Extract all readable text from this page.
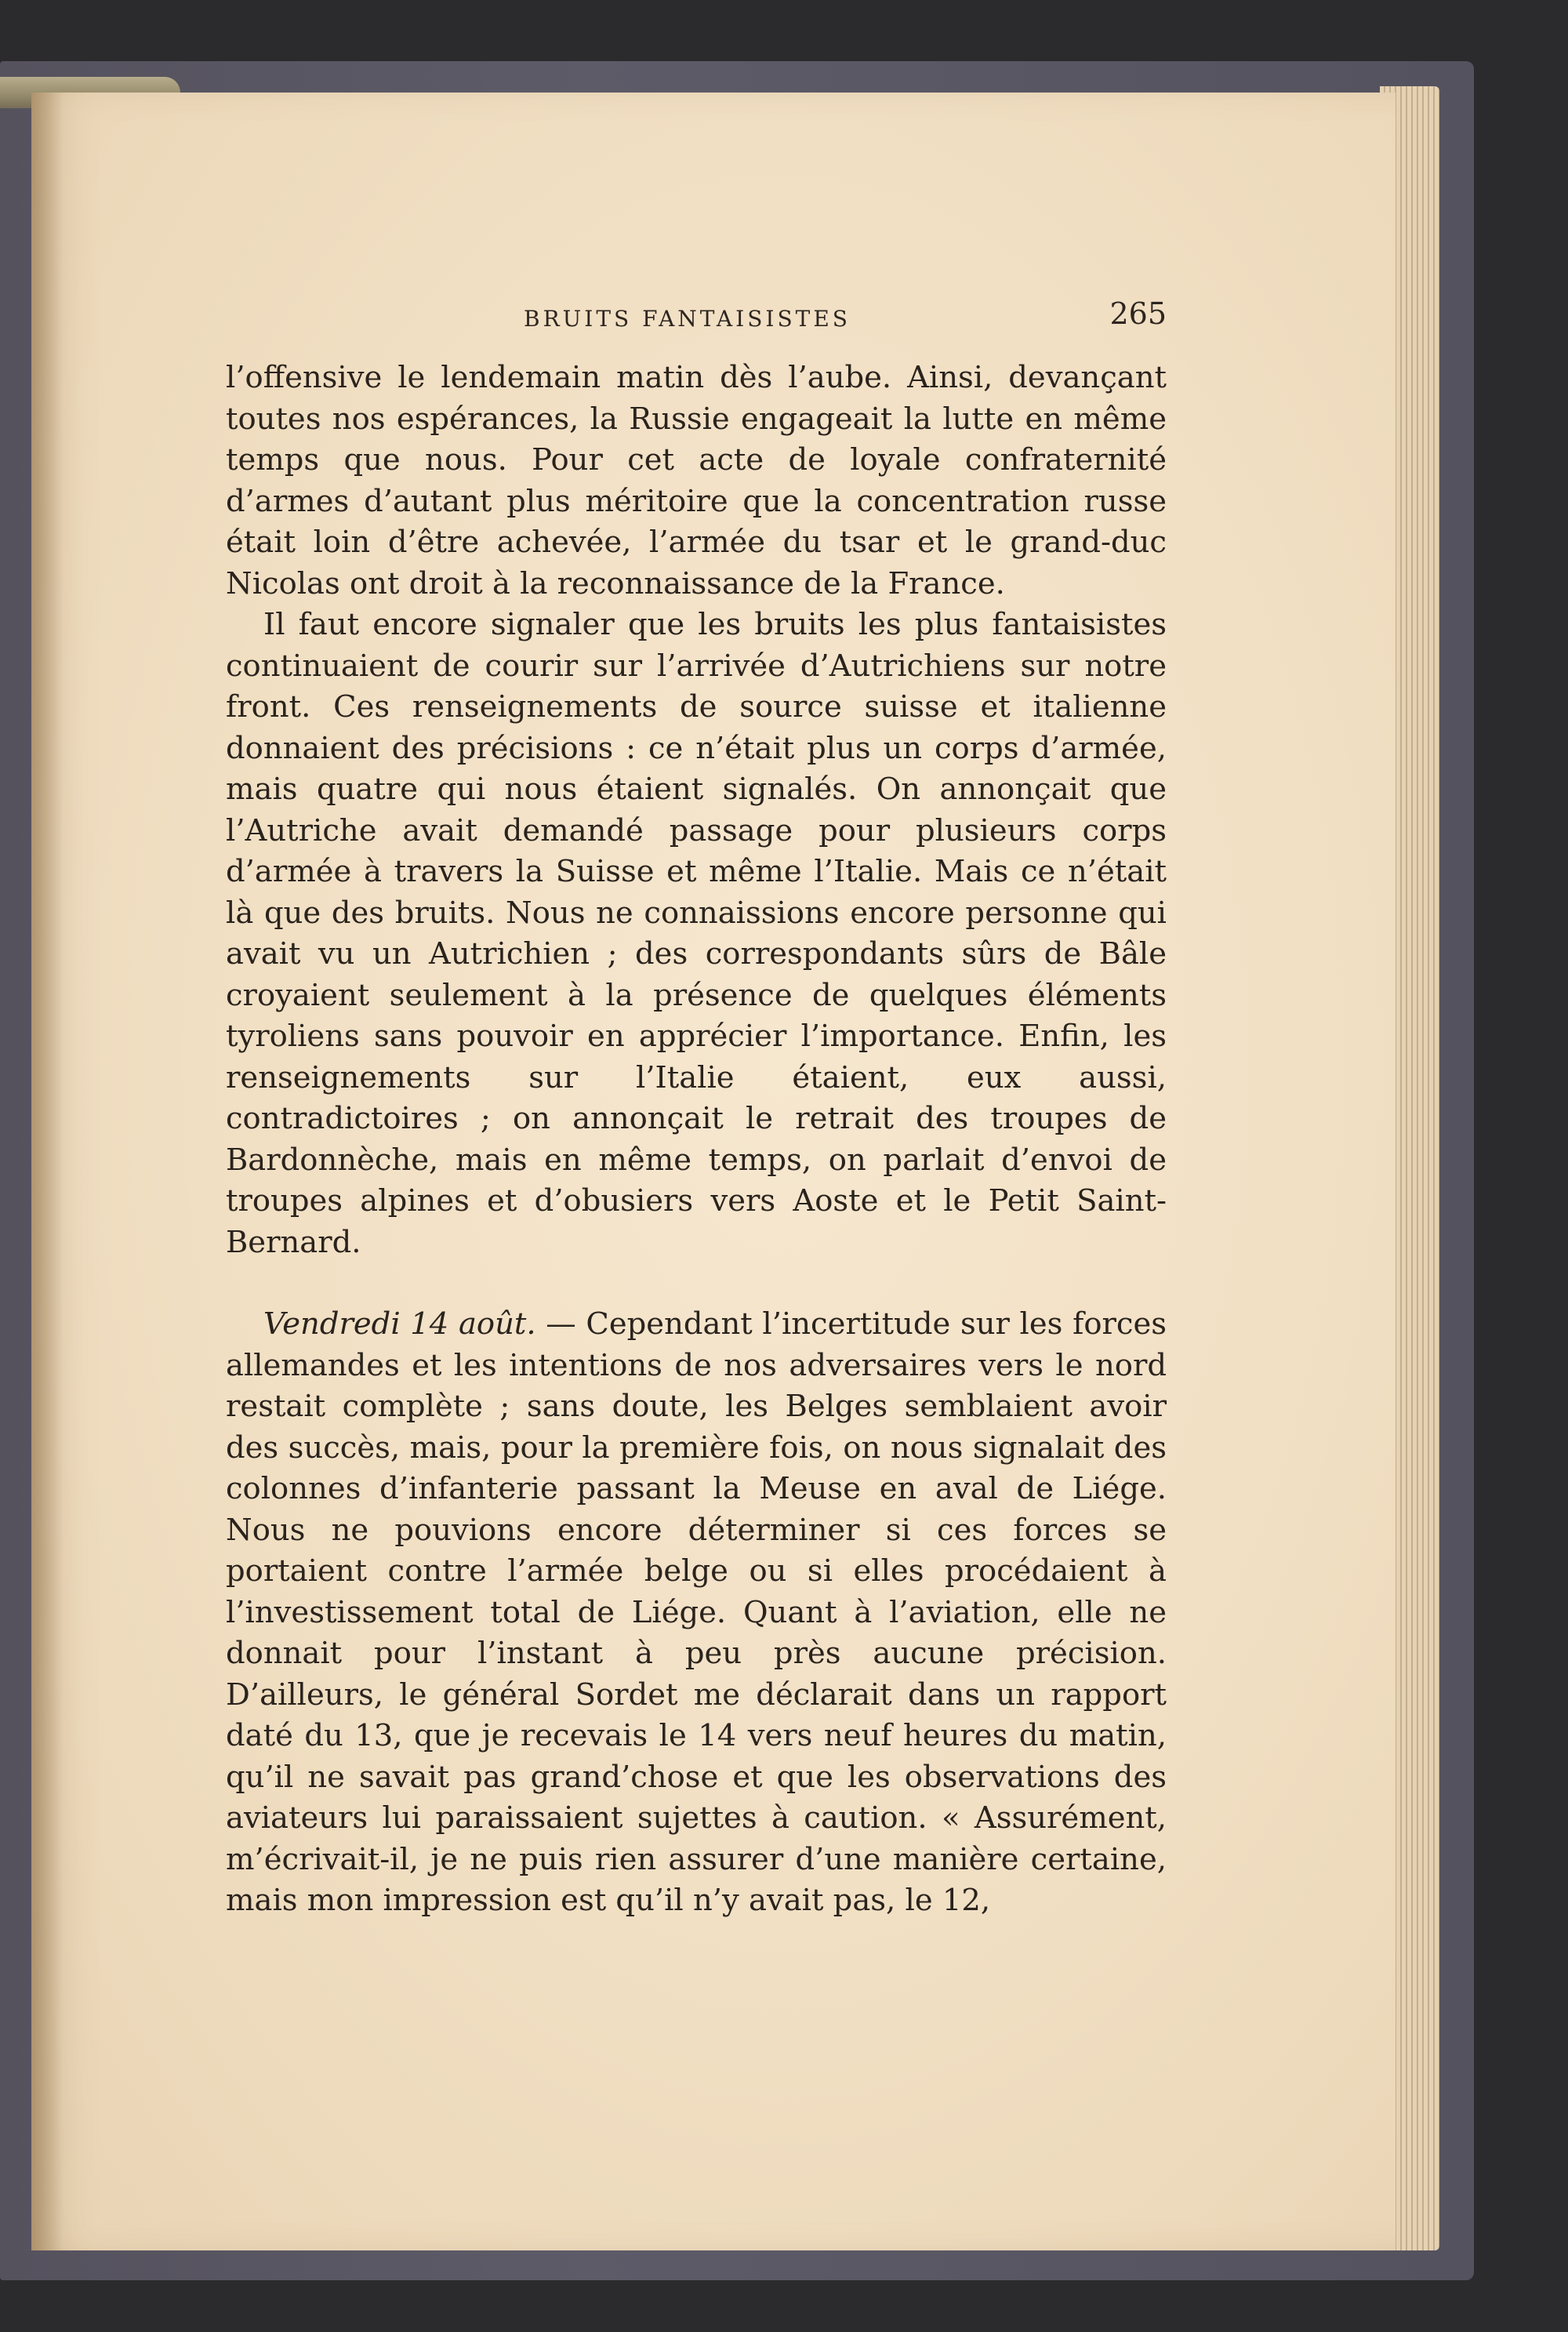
BRUITS FANTAISISTES	265

l’offensive le lendemain matin dès l’aube. Ainsi, devançant toutes nos espérances, la Russie engageait la lutte en même temps que nous. Pour cet acte de loyale confraternité d’armes d’autant plus méritoire que la concentration russe était loin d’être achevée, l’armée du tsar et le grand-duc Nicolas ont droit à la reconnaissance de la France.

Il faut encore signaler que les bruits les plus fantaisistes continuaient de courir sur l’arrivée d’Autrichiens sur notre front. Ces renseignements de source suisse et italienne donnaient des précisions : ce n’était plus un corps d’armée, mais quatre qui nous étaient signalés. On annonçait que l’Autriche avait demandé passage pour plusieurs corps d’armée à travers la Suisse et même l’Italie. Mais ce n’était là que des bruits. Nous ne connaissions encore personne qui avait vu un Autrichien ; des correspondants sûrs de Bâle croyaient seulement à la présence de quelques éléments tyroliens sans pouvoir en apprécier l’importance. Enfin, les renseignements sur l’Italie étaient, eux aussi, contradictoires ; on annonçait le retrait des troupes de Bardonnèche, mais en même temps, on parlait d’envoi de troupes alpines et d’obusiers vers Aoste et le Petit Saint-Bernard.

Vendredi 14 août. — Cependant l’incertitude sur les forces allemandes et les intentions de nos adversaires vers le nord restait complète ; sans doute, les Belges semblaient avoir des succès, mais, pour la première fois, on nous signalait des colonnes d’infanterie passant la Meuse en aval de Liége. Nous ne pouvions encore déterminer si ces forces se portaient contre l’armée belge ou si elles procédaient à l’investissement total de Liége. Quant à l’aviation, elle ne donnait pour l’instant à peu près aucune précision. D’ailleurs, le général Sordet me déclarait dans un rapport daté du 13, que je recevais le 14 vers neuf heures du matin, qu’il ne savait pas grand’chose et que les observations des aviateurs lui paraissaient sujettes à caution. « Assurément, m’écrivait-il, je ne puis rien assurer d’une manière certaine, mais mon impression est qu’il n’y avait pas, le 12,
